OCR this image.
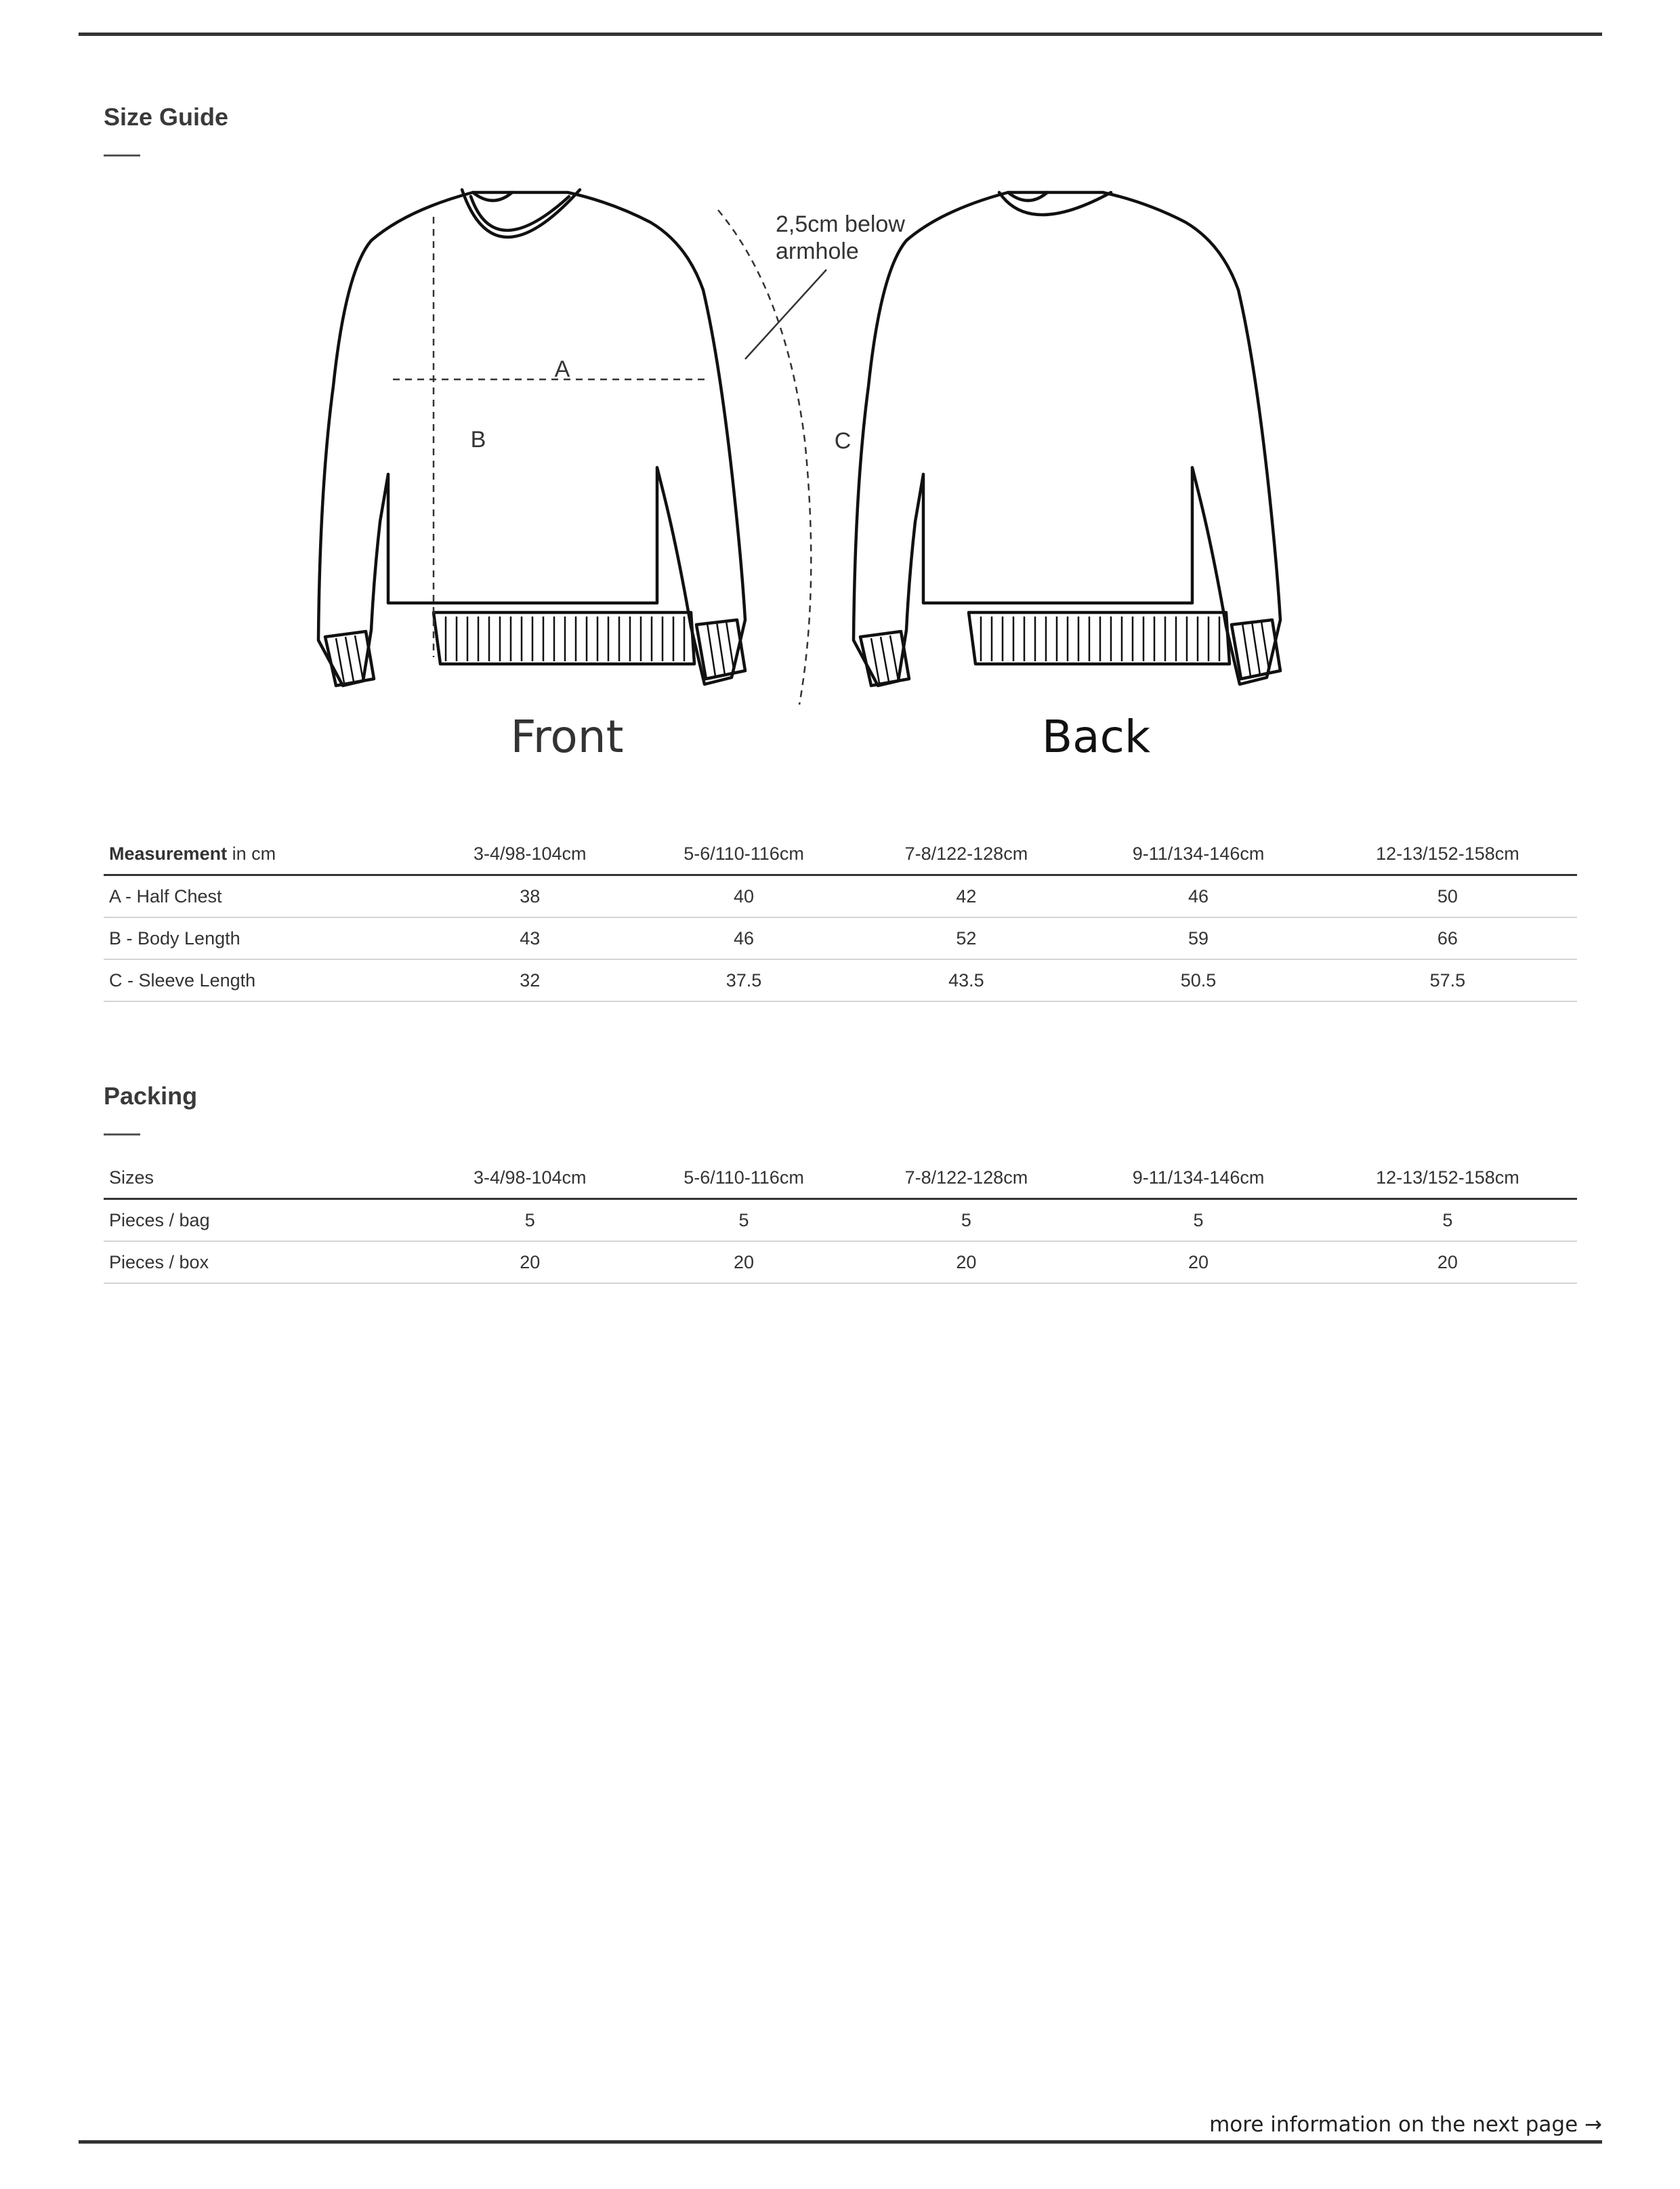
Size Guide
A
B	C
2,5cm below
armhole
Front	Back
Measurement in cm	3-4/98-104cm	5-6/110-116cm	7-8/122-128cm	9-11/134-146cm	12-13/152-158cm
A - Half Chest	38	40	42	46	50
B - Body Length	43	46	52	59	66
C - Sleeve Length	32	37.5	43.5	50.5	57.5
Packing
Sizes	3-4/98-104cm	5-6/110-116cm	7-8/122-128cm	9-11/134-146cm	12-13/152-158cm
Pieces / bag	5	5	5	5	5
Pieces / box	20	20	20	20	20
more information on the next page →
